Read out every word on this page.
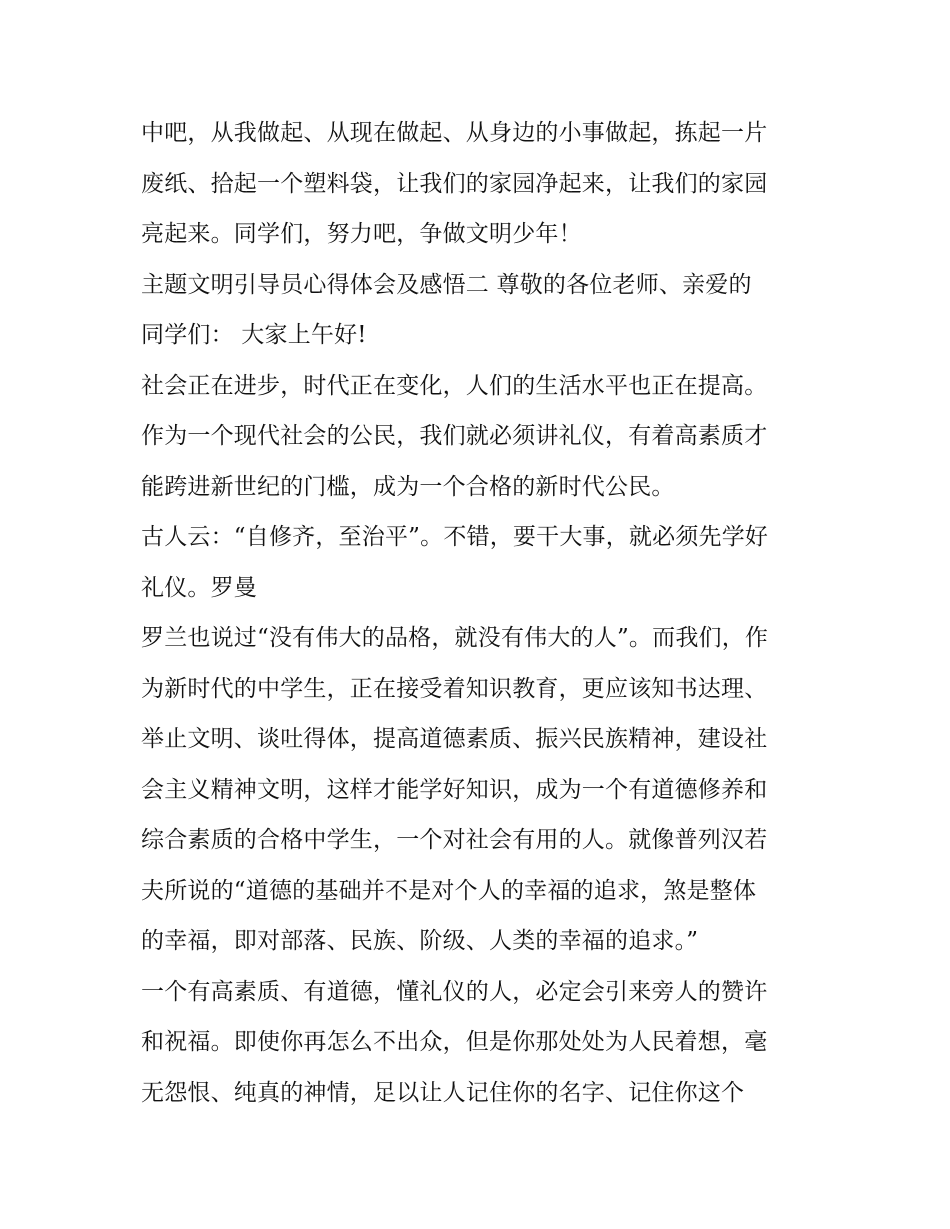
中吧，从我做起、从现在做起、从身边的小事做起，拣起一片
废纸、拾起一个塑料袋，让我们的家园净起来，让我们的家园
亮起来。同学们，努力吧，争做文明少年！
主题文明引导员心得体会及感悟二 尊敬的各位老师、亲爱的
同学们： 大家上午好!
社会正在进步，时代正在变化，人们的生活水平也正在提高。
作为一个现代社会的公民，我们就必须讲礼仪，有着高素质才
能跨进新世纪的门槛，成为一个合格的新时代公民。
古人云：“自修齐，至治平”。不错，要干大事，就必须先学好
礼仪。罗曼
罗兰也说过“没有伟大的品格，就没有伟大的人”。而我们，作
为新时代的中学生，正在接受着知识教育，更应该知书达理、
举止文明、谈吐得体，提高道德素质、振兴民族精神，建设社
会主义精神文明，这样才能学好知识，成为一个有道德修养和
综合素质的合格中学生，一个对社会有用的人。就像普列汉若
夫所说的“道德的基础并不是对个人的幸福的追求，煞是整体
的幸福，即对部落、民族、阶级、人类的幸福的追求。”
一个有高素质、有道德，懂礼仪的人，必定会引来旁人的赞许
和祝福。即使你再怎么不出众，但是你那处处为人民着想，毫
无怨恨、纯真的神情，足以让人记住你的名字、记住你这个
